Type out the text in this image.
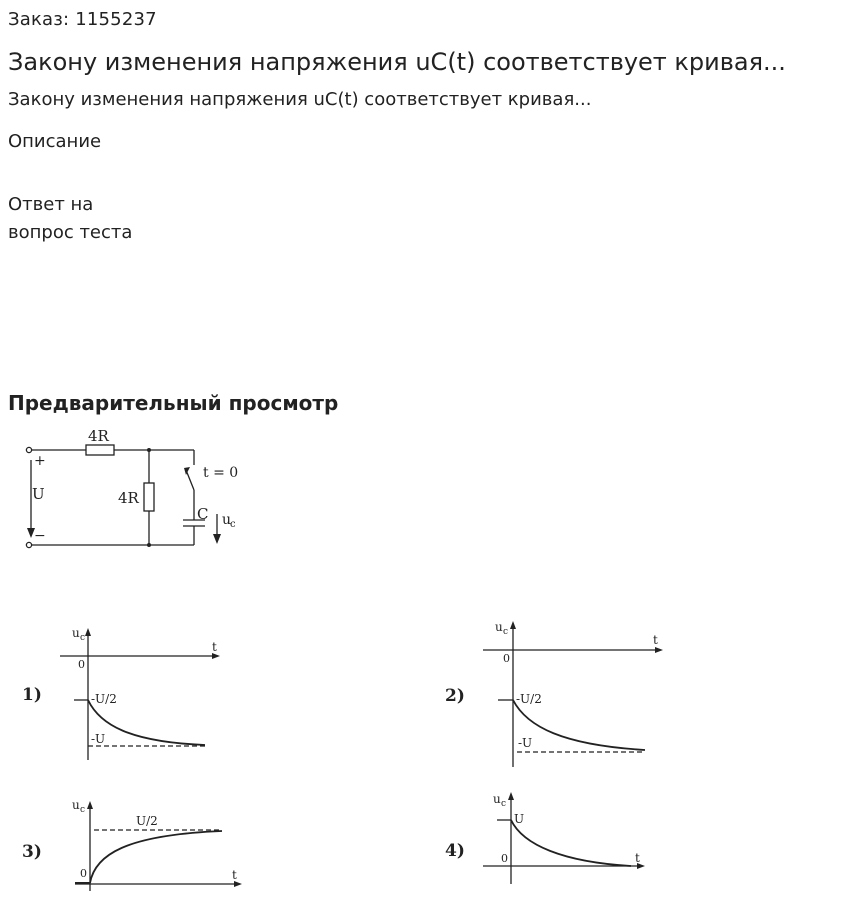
Заказ: 1155237
Закону изменения напряжения uC(t) соответствует кривая...
Закону изменения напряжения uC(t) соответствует кривая...
Описание
Ответ на
вопрос теста
Предварительный просмотр
4R
4R
t = 0
C
U
+
−
u
c
1)
u c
t
0
-U/2
-U
2)
u c
t
0
-U/2
-U
3)
u c
t
0
U/2
4)
u c
t
0
U
